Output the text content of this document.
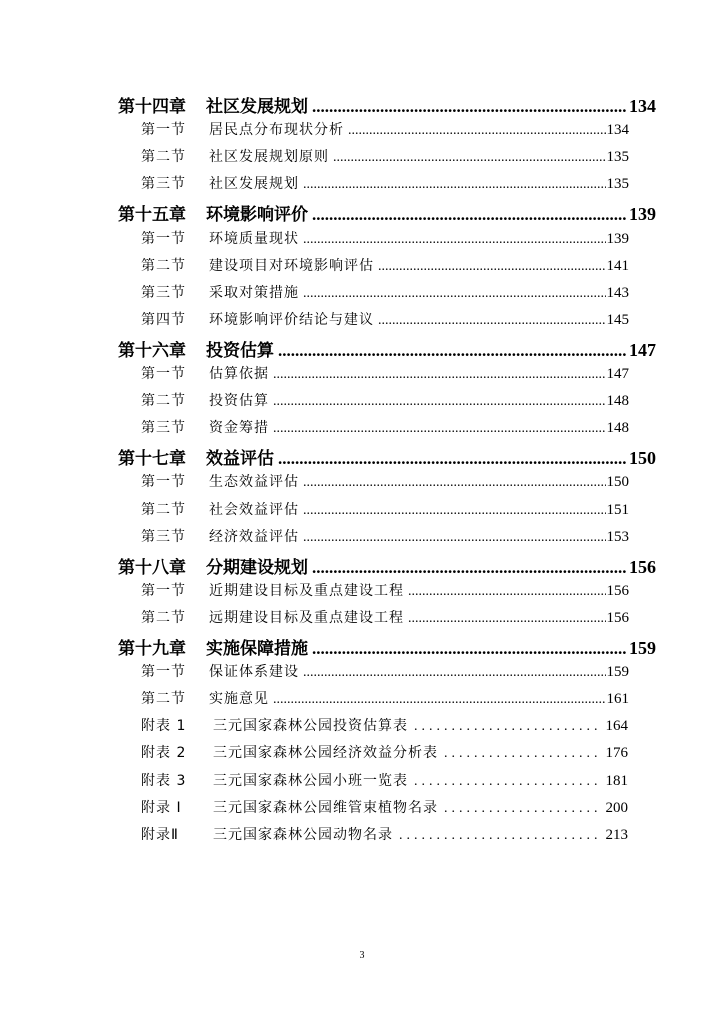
第十四章	社区发展规划 .....	134
第一节	居民点分布现状分析 .....	134
第二节	社区发展规划原则 .....	135
第三节	社区发展规划 .....	135
第十五章	环境影响评价 .....	139
第一节	环境质量现状 .....	139
第二节	建设项目对环境影响评估 .....	141
第三节	采取对策措施 .....	143
第四节	环境影响评价结论与建议 .....	145
第十六章	投资估算 .....	147
第一节	估算依据 .....	147
第二节	投资估算 .....	148
第三节	资金筹措 .....	148
第十七章	效益评估 .....	150
第一节	生态效益评估 .....	150
第二节	社会效益评估 .....	151
第三节	经济效益评估 .....	153
第十八章	分期建设规划 .....	156
第一节	近期建设目标及重点建设工程 .....	156
第二节	远期建设目标及重点建设工程 .....	156
第十九章	实施保障措施 .....	159
第一节	保证体系建设 .....	159
第二节	实施意见 .....	161
附表 1	三元国家森林公园投资估算表 .....	164
附表 2	三元国家森林公园经济效益分析表 .....	176
附表 3	三元国家森林公园小班一览表 .....	181
附录 I	三元国家森林公园维管束植物名录 .....	200
附录Ⅱ	三元国家森林公园动物名录 .....	213
3
